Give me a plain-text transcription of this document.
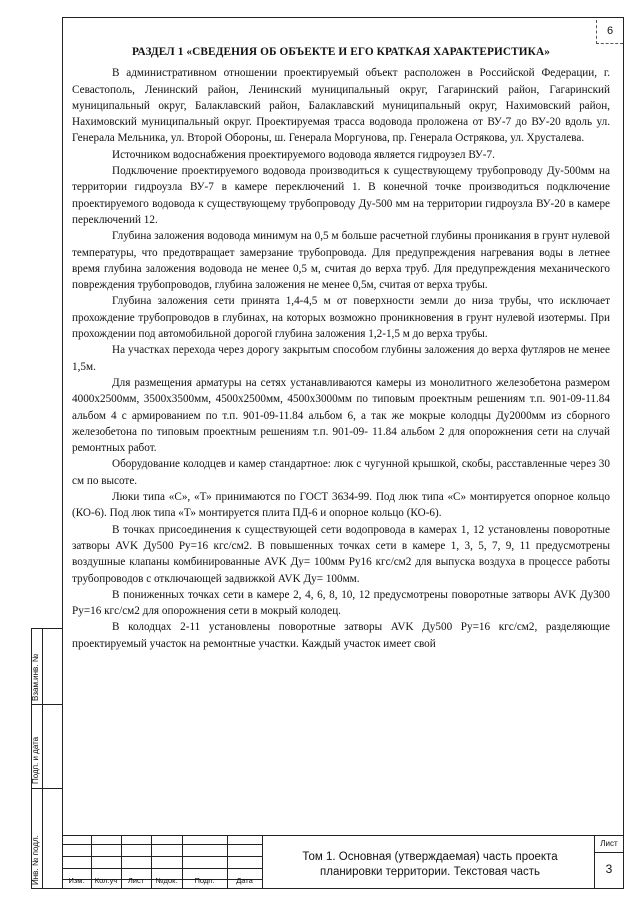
6
РАЗДЕЛ 1 «СВЕДЕНИЯ ОБ ОБЪЕКТЕ И ЕГО КРАТКАЯ ХАРАКТЕРИСТИКА»

В административном отношении проектируемый объект расположен в Российской Федерации, г. Севастополь, Ленинский район, Ленинский муниципальный округ, Гагаринский район, Гагаринский муниципальный округ, Балаклавский район, Балаклавский муниципальный округ, Нахимовский район, Нахимовский муниципальный округ. Проектируемая трасса водовода проложена от ВУ-7 до ВУ-20 вдоль ул. Генерала Мельника, ул. Второй Обороны, ш. Генерала Моргунова, пр. Генерала Острякова, ул. Хрусталева.

Источником водоснабжения проектируемого водовода является гидроузел ВУ-7.

Подключение проектируемого водовода производиться к существующему трубопроводу Ду-500мм на территории гидроузла ВУ-7 в камере переключений 1. В конечной точке производиться подключение проектируемого водовода к существующему трубопроводу Ду-500 мм на территории гидроузла ВУ-20 в камере переключений 12.

Глубина заложения водовода минимум на 0,5 м больше расчетной глубины проникания в грунт нулевой температуры, что предотвращает замерзание трубопровода. Для предупреждения нагревания воды в летнее время глубина заложения водовода не менее 0,5 м, считая до верха труб. Для предупреждения механического повреждения трубопроводов, глубина заложения не менее 0,5м, считая от верха трубы.

Глубина заложения сети принята 1,4-4,5 м от поверхности земли до низа трубы, что исключает прохождение трубопроводов в глубинах, на которых возможно проникновения в грунт нулевой изотермы. При прохождении под автомобильной дорогой глубина заложения 1,2-1,5 м до верха трубы.

На участках перехода через дорогу закрытым способом глубины заложения до верха футляров не менее 1,5м.

Для размещения арматуры на сетях устанавливаются камеры из монолитного железобетона размером 4000х2500мм, 3500х3500мм, 4500х2500мм, 4500х3000мм по типовым проектным решениям т.п. 901-09-11.84 альбом 4 с армированием по т.п. 901-09-11.84 альбом 6, а так же мокрые колодцы Ду2000мм из сборного железобетона по типовым проектным решениям т.п. 901-09- 11.84 альбом 2 для опорожнения сети на случай ремонтных работ.

Оборудование колодцев и камер стандартное: люк с чугунной крышкой, скобы, расставленные через 30 см по высоте.

Люки типа «С», «Т» принимаются по ГОСТ 3634-99. Под люк типа «С» монтируется опорное кольцо (КО-6). Под люк типа «Т» монтируется плита ПД-6 и опорное кольцо (КО-6).

В точках присоединения к существующей сети водопровода в камерах 1, 12 установлены поворотные затворы AVK Ду500 Ру=16 кгс/см2. В повышенных точках сети в камере 1, 3, 5, 7, 9, 11 предусмотрены воздушные клапаны комбинированные AVK Ду= 100мм Ру16 кгс/см2 для выпуска воздуха в процессе работы трубопроводов с отключающей задвижкой AVK Ду= 100мм.

В пониженных точках сети в камере 2, 4, 6, 8, 10, 12 предусмотрены поворотные затворы AVK Ду300 Ру=16 кгс/см2 для опорожнения сети в мокрый колодец.

В колодцах 2-11 установлены поворотные затворы AVK Ду500 Ру=16 кгс/см2, разделяющие проектируемый участок на ремонтные участки. Каждый участок имеет свой

Взам.инв. №
Подп. и дата
Инв. № подл.	Изм.	Кол.уч	Лист	№док.	Подп.	Дата
Том 1. Основная (утверждаемая) часть проекта планировки территории. Текстовая часть
Лист
3
